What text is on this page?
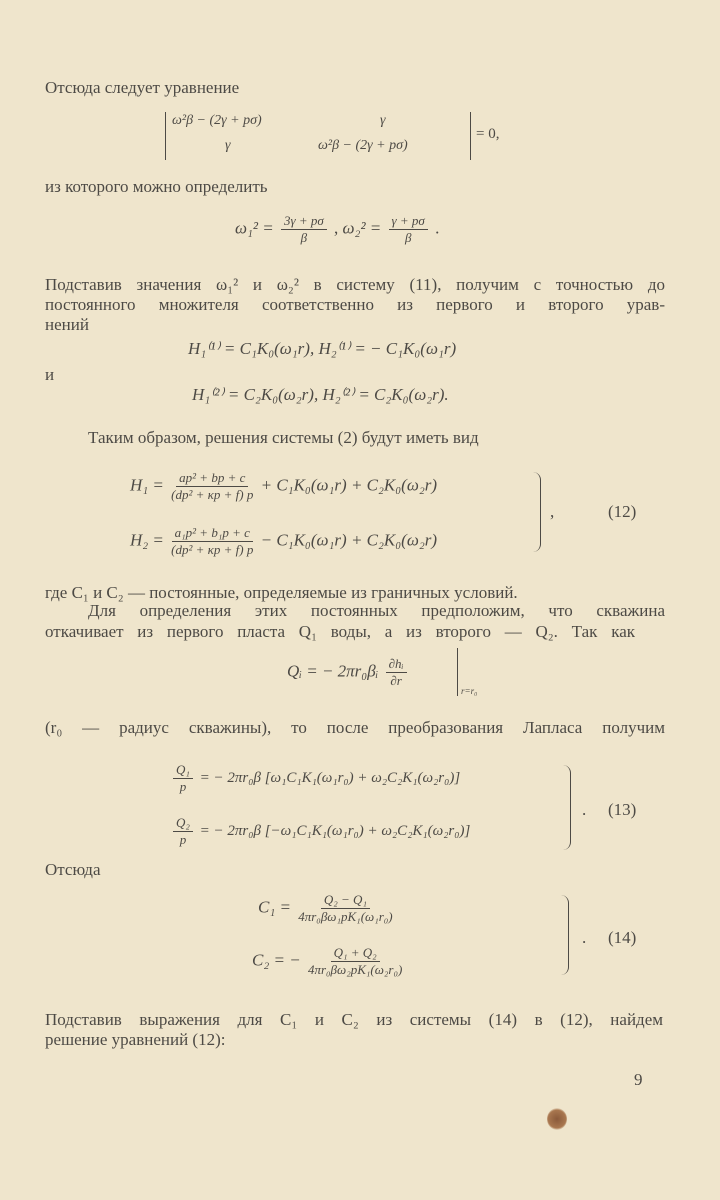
Отсюда следует уравнение
ω²β − (2γ + pσ)	γ
γ	ω²β − (2γ + pσ)
= 0,
из которого можно определить
$\omega_1^2 = \frac{3\gamma + p\sigma}{\beta}$ , $\omega_2^2 = \frac{\gamma + p\sigma}{\beta}$ .
Подставив значения ω₁² и ω₂² в систему (11), получим с точностью до
постоянного множителя соответственно из первого и второго урав-
нений
H₁⁽¹⁾ = C₁K₀(ω₁r), H₂⁽¹⁾ = − C₁K₀(ω₁r)
и
H₁⁽²⁾ = C₂K₀(ω₂r), H₂⁽²⁾ = C₂K₀(ω₂r).
Таким образом, решения системы (2) будут иметь вид
$H_1 = \frac{\text{ap² + bp + c}}{\text{(dp² + κp + f) p}} + C_1K_0(\omega_1r) + C_2K_0(\omega_2r)$
$H_2 = \frac{\text{a₁p² + b₁p + c}}{\text{(dp² + κp + f) p}} - C_1K_0(\omega_1r) + C_2K_0(\omega_2r)$
,	(12)
где C₁ и C₂ — постоянные, определяемые из граничных условий.
Для определения этих постоянных предположим, что скважина
откачивает из первого пласта Q₁ воды, а из второго — Q₂. Так как
Qᵢ = − 2πr₀βᵢ $\frac{\text{∂hᵢ}}{\partial r}$
r=r₀
(r₀ — радиус скважины), то после преобразования Лапласа получим
$\frac{\text{Q₁}}{p}$ = − 2πr₀β [ω₁C₁K₁(ω₁r₀) + ω₂C₂K₁(ω₂r₀)]
$\frac{\text{Q₂}}{p}$ = − 2πr₀β [−ω₁C₁K₁(ω₁r₀) + ω₂C₂K₁(ω₂r₀)]
. (13)
Отсюда
$C_1 = \frac{\text{Q₂ − Q₁}}{\text{4πr₀βω₁pK₁(ω₁r₀)}}$
C₂ = − $\frac{\text{Q₁ + Q₂}}{\text{4πr₀βω₂pK₁(ω₂r₀)}}$
. (14)
Подставив выражения для C₁ и C₂ из системы (14) в (12), найдем
решение уравнений (12):
9
